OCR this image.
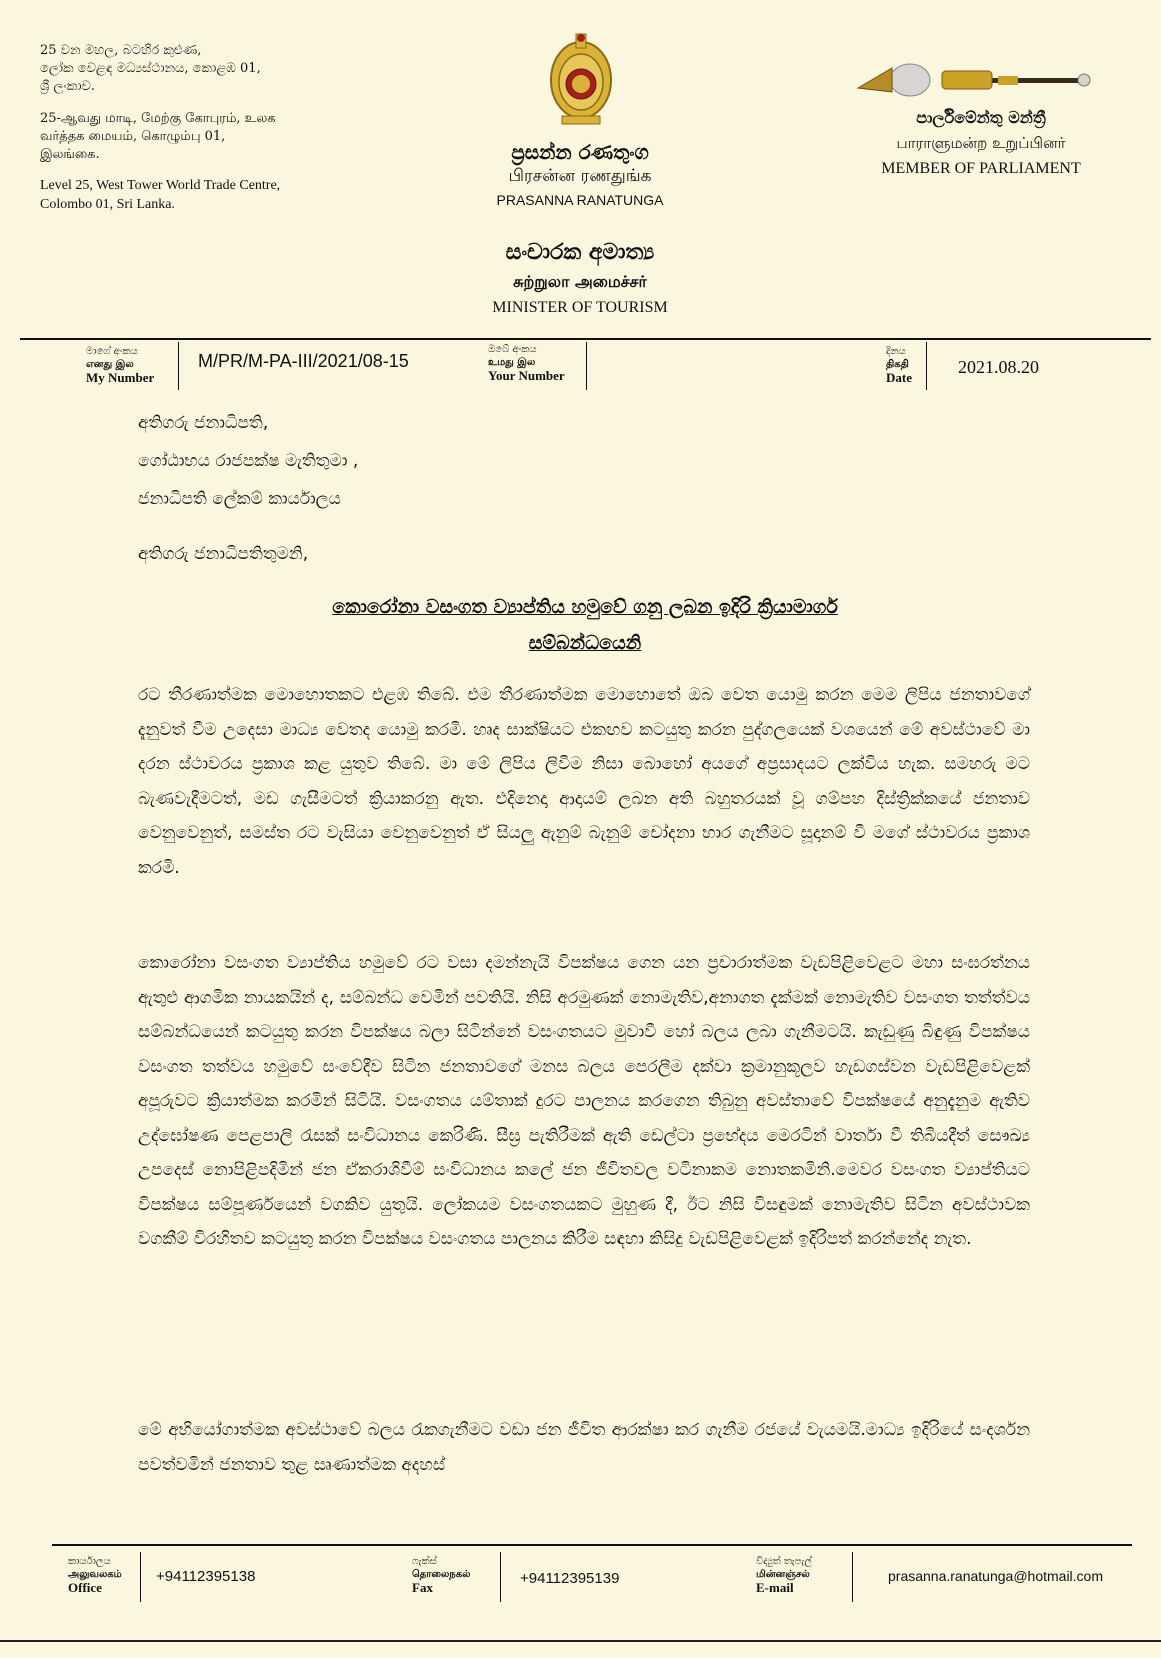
25 වන මහල, බටහිර කුළුණ,
ලෝක වෙළඳ මධ්‍යස්ථානය, කොළඹ 01,
ශ්‍රී ලංකාව.
25-ஆவது மாடி, மேற்கு கோபுரம், உலக
வர்த்தக மையம், கொழும்பு 01,
இலங்கை.
Level 25, West Tower World Trade Centre,
Colombo 01, Sri Lanka.
ප්‍රසන්න රණතුංග
பிரசன்ன ரணதுங்க
PRASANNA RANATUNGA
සංචාරක අමාත්‍ය
சுற்றுலா அமைச்சர்
MINISTER OF TOURISM
පාර්ලිමේන්තු මන්ත්‍රී
பாராளுமன்ற உறுப்பினர்
MEMBER OF PARLIAMENT
මාගේ අංකය
எனது இல
My Number
M/PR/M-PA-III/2021/08-15
ඔබේ අංකය
உமது இல
Your Number
දිනය
திகதி
Date
2021.08.20
අතිගරු ජනාධිපති,
ගෝඨාභය රාජපක්ෂ මැතිතුමා ,
ජනාධිපති ලේකම් කාර්යාලය
අතිගරු ජනාධිපතිතුමනි,
කොරෝනා වසංගත ව්‍යාප්තිය හමුවේ ගනු ලබන ඉදිරි ක්‍රියාමාර්ග
සම්බන්ධයෙනි

රට තීරණාත්මක මොහොතකට එළඹ තිබේ. එම තීරණාත්මක මොහොතේ ඔබ වෙත යොමු කරන මෙම ලිපිය ජනතාවගේ දැනුවත් වීම උදෙසා මාධ්‍ය වෙතද යොමු කරමි. හෘද සාක්ෂියට එකඟව කටයුතු කරන පුද්ගලයෙක් වශයෙන් මේ අවස්ථාවේ මා දරන ස්ථාවරය ප්‍රකාශ කළ යුතුව තිබේ. මා මේ ලිපිය ලිවීම නිසා බොහෝ අයගේ අප්‍රසාදයට ලක්විය හැක. සමහරු මට බැණවැදීමටත්, මඩ ගැසීමටත් ක්‍රියාකරනු ඇත. එදිනෙදා ආදායම් ලබන අති බහුතරයක් වූ ගම්පහ දිස්ත්‍රික්කයේ ජනතාව වෙනුවෙනුත්, සමස්ත රට වැසියා වෙනුවෙනුත් ඒ සියලු ඇනුම් බැනුම් චෝදනා භාර ගැනීමට සූදානම් වී මගේ ස්ථාවරය ප්‍රකාශ කරමි.

කොරෝනා වසංගත ව්‍යාප්තිය හමුවේ රට වසා දමන්නැයි විපක්ෂය ගෙන යන ප්‍රචාරාත්මක වැඩපිළිවෙළට මහා සංඝරත්නය ඇතුළු ආගමික නායකයින් ද, සම්බන්ධ වෙමින් පවතියි. නිසි අරමුණක් නොමැතිව,අනාගත දැක්මක් නොමැතිව වසංගත තත්ත්වය සම්බන්ධයෙන් කටයුතු කරන විපක්ෂය බලා සිටින්නේ වසංගතයට මුවාවී හෝ බලය ලබා ගැනීමටයි. කැඩුණු බිඳුණු විපක්ෂය වසංගත තත්වය හමුවේ සංවේදීව සිටින ජනතාවගේ මනස බලය පෙරලීම දක්වා ක්‍රමානුකූලව හැඩගස්වන වැඩපිළිවෙළක් අපූරුවට ක්‍රියාත්මක කරමින් සිටියි. වසංගතය යම්තාක් දුරට පාලනය කරගෙන තිබුනු අවස්තාවේ විපක්ෂයේ අනුදැනුම ඇතිව උද්ඝෝෂණ පෙළපාලි රැසක් සංවිධානය කෙරිණි. සීඝ්‍ර පැතිරීමක් ඇති ඩෙල්ටා ප්‍රභේදය මෙරටින් වාර්තා වී තිබියදීත් සෞඛ්‍ය උපදෙස් නොපිළිපදිමින් ජන ඒකරාශිවීම් සංවිධානය කලේ ජන ජීවිතවල වටිනාකම නොතකමිනි.මෙවර වසංගත ව්‍යාප්තියට විපක්ෂය සම්පූර්ණයෙන් වගකිව යුතුයි. ලෝකයම වසංගතයකට මුහුණ දී, ඊට නිසි විසඳුමක් නොමැතිව සිටින අවස්ථාවක වගකීම් විරහිතව කටයුතු කරන විපක්ෂය වසංගතය පාලනය කිරීම සඳහා කිසිදු වැඩපිළිවෙළක් ඉදිරිපත් කරන්නේද නැත.

මේ අභියෝගාත්මක අවස්ථාවේ බලය රැකගැනීමට වඩා ජන ජීවිත ආරක්ෂා කර ගැනීම රජයේ වැයමයි.මාධ්‍ය ඉදිරියේ සංදර්ශන පවත්වමින් ජනතාව තුළ සෘණාත්මක අදහස්

කාර්යාලය
அலுவலகம்
Office
+94112395138
ෆැක්ස්
தொலைநகல்
Fax
+94112395139
විද්‍යුත් තැපැල්
மின்னஞ்சல்
E-mail
prasanna.ranatunga@hotmail.com
